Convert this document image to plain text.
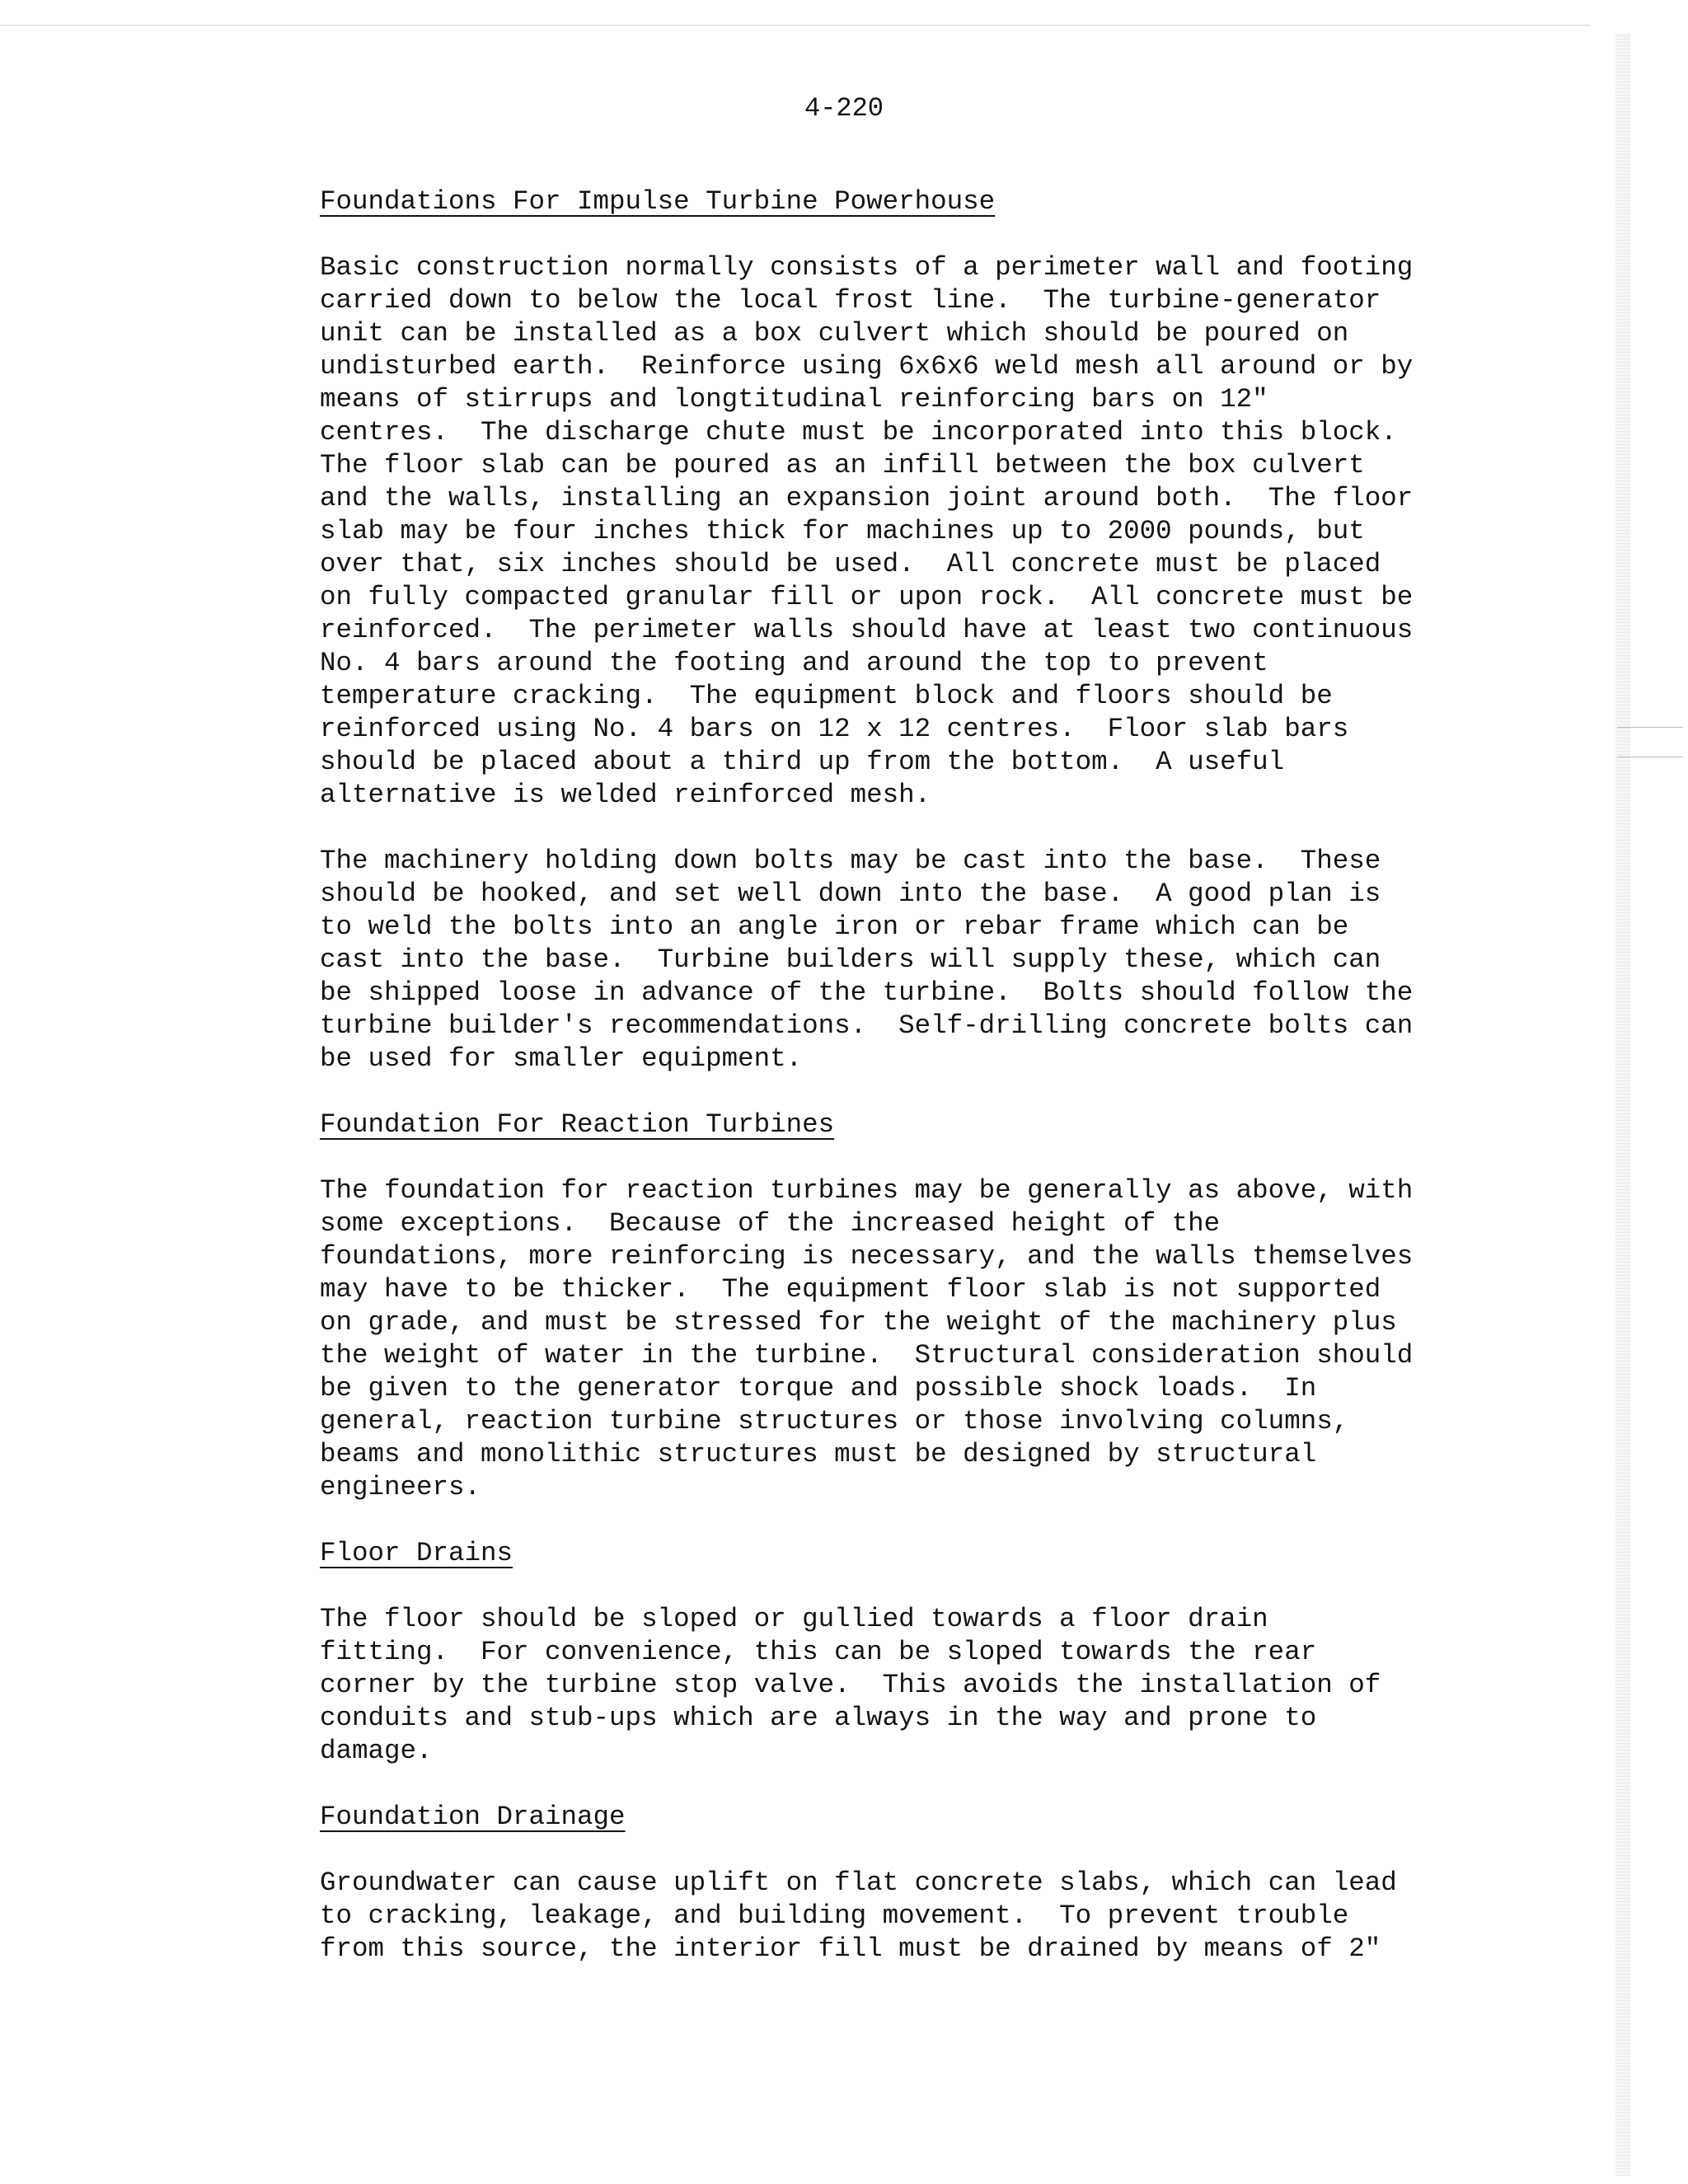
4-220
Foundations For Impulse Turbine Powerhouse
Basic construction normally consists of a perimeter wall and footing
carried down to below the local frost line.  The turbine-generator
unit can be installed as a box culvert which should be poured on
undisturbed earth.  Reinforce using 6x6x6 weld mesh all around or by
means of stirrups and longtitudinal reinforcing bars on 12"
centres.  The discharge chute must be incorporated into this block.
The floor slab can be poured as an infill between the box culvert
and the walls, installing an expansion joint around both.  The floor
slab may be four inches thick for machines up to 2000 pounds, but
over that, six inches should be used.  All concrete must be placed
on fully compacted granular fill or upon rock.  All concrete must be
reinforced.  The perimeter walls should have at least two continuous
No. 4 bars around the footing and around the top to prevent
temperature cracking.  The equipment block and floors should be
reinforced using No. 4 bars on 12 x 12 centres.  Floor slab bars
should be placed about a third up from the bottom.  A useful
alternative is welded reinforced mesh.
The machinery holding down bolts may be cast into the base.  These
should be hooked, and set well down into the base.  A good plan is
to weld the bolts into an angle iron or rebar frame which can be
cast into the base.  Turbine builders will supply these, which can
be shipped loose in advance of the turbine.  Bolts should follow the
turbine builder's recommendations.  Self-drilling concrete bolts can
be used for smaller equipment.
Foundation For Reaction Turbines
The foundation for reaction turbines may be generally as above, with
some exceptions.  Because of the increased height of the
foundations, more reinforcing is necessary, and the walls themselves
may have to be thicker.  The equipment floor slab is not supported
on grade, and must be stressed for the weight of the machinery plus
the weight of water in the turbine.  Structural consideration should
be given to the generator torque and possible shock loads.  In
general, reaction turbine structures or those involving columns,
beams and monolithic structures must be designed by structural
engineers.
Floor Drains
The floor should be sloped or gullied towards a floor drain
fitting.  For convenience, this can be sloped towards the rear
corner by the turbine stop valve.  This avoids the installation of
conduits and stub-ups which are always in the way and prone to
damage.
Foundation Drainage
Groundwater can cause uplift on flat concrete slabs, which can lead
to cracking, leakage, and building movement.  To prevent trouble
from this source, the interior fill must be drained by means of 2"
